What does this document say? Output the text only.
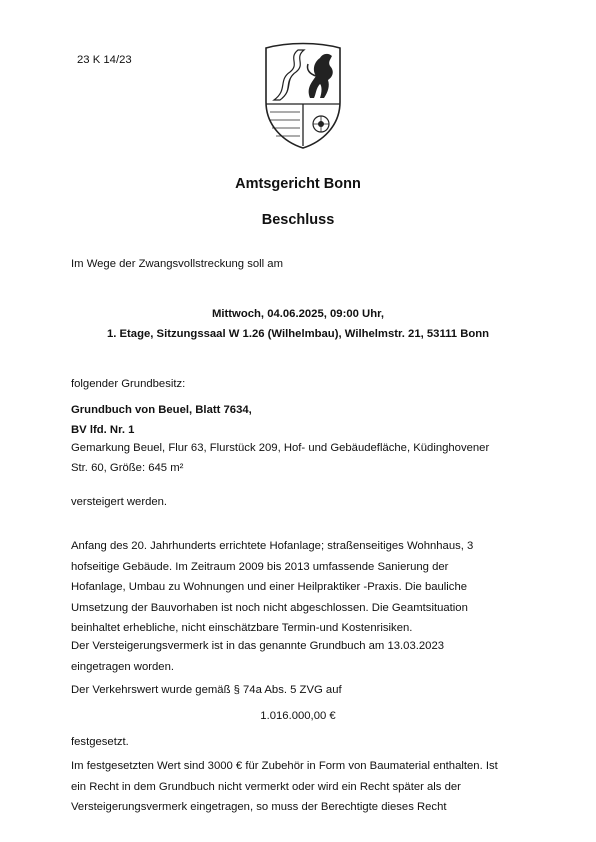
23 K 14/23
Amtsgericht Bonn
Beschluss
Im Wege der Zwangsvollstreckung soll am
Mittwoch, 04.06.2025, 09:00 Uhr,
1. Etage, Sitzungssaal W 1.26 (Wilhelmbau), Wilhelmstr. 21, 53111 Bonn
folgender Grundbesitz:
Grundbuch von Beuel, Blatt 7634,
BV lfd. Nr. 1
Gemarkung Beuel, Flur 63, Flurstück 209, Hof- und Gebäudefläche, Küdinghovener
Str. 60, Größe: 645 m²
versteigert werden.
Anfang des 20. Jahrhunderts errichtete Hofanlage; straßenseitiges Wohnhaus, 3
hofseitige Gebäude. Im Zeitraum 2009 bis 2013 umfassende Sanierung der
Hofanlage, Umbau zu Wohnungen und einer Heilpraktiker -Praxis. Die bauliche
Umsetzung der Bauvorhaben ist noch nicht abgeschlossen. Die Geamtsituation
beinhaltet erhebliche, nicht einschätzbare Termin-und Kostenrisiken.
Der Versteigerungsvermerk ist in das genannte Grundbuch am 13.03.2023
eingetragen worden.
Der Verkehrswert wurde gemäß § 74a Abs. 5 ZVG auf
1.016.000,00 €
festgesetzt.
Im festgesetzten Wert sind 3000 € für Zubehör in Form von Baumaterial enthalten. Ist
ein Recht in dem Grundbuch nicht vermerkt oder wird ein Recht später als der
Versteigerungsvermerk eingetragen, so muss der Berechtigte dieses Recht
